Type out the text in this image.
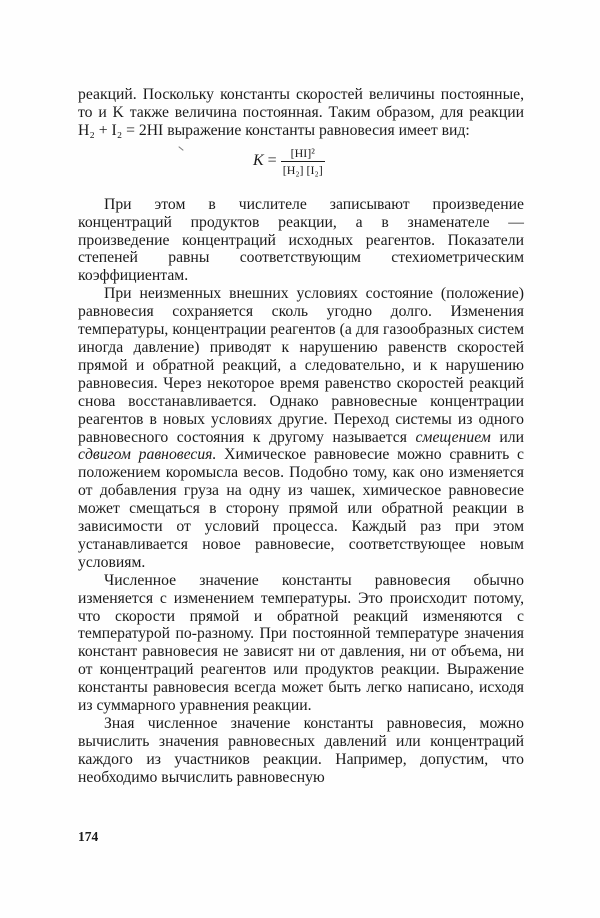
реакций. Поскольку константы скоростей величины постоянные, то и K также величина постоянная. Таким образом, для реакции H₂ + I₂ = 2HI выражение константы равновесия имеет вид:

$K = \frac{\text{[HI]²}}{\text{[H₂] [I₂]}}$

При этом в числителе записывают произведение концентраций продуктов реакции, а в знаменателе — произведение концентраций исходных реагентов. Показатели степеней равны соответствующим стехиометрическим коэффициентам.

При неизменных внешних условиях состояние (положение) равновесия сохраняется сколь угодно долго. Изменения температуры, концентрации реагентов (а для газообразных систем иногда давление) приводят к нарушению равенств скоростей прямой и обратной реакций, а следовательно, и к нарушению равновесия. Через некоторое время равенство скоростей реакций снова восстанавливается. Однако равновесные концентрации реагентов в новых условиях другие. Переход системы из одного равновесного состояния к другому называется смещением или сдвигом равновесия. Химическое равновесие можно сравнить с положением коромысла весов. Подобно тому, как оно изменяется от добавления груза на одну из чашек, химическое равновесие может смещаться в сторону прямой или обратной реакции в зависимости от условий процесса. Каждый раз при этом устанавливается новое равновесие, соответствующее новым условиям.

Численное значение константы равновесия обычно изменяется с изменением температуры. Это происходит потому, что скорости прямой и обратной реакций изменяются с температурой по-разному. При постоянной температуре значения констант равновесия не зависят ни от давления, ни от объема, ни от концентраций реагентов или продуктов реакции. Выражение константы равновесия всегда может быть легко написано, исходя из суммарного уравнения реакции.

Зная численное значение константы равновесия, можно вычислить значения равновесных давлений или концентраций каждого из участников реакции. Например, допустим, что необходимо вычислить равновесную

174
